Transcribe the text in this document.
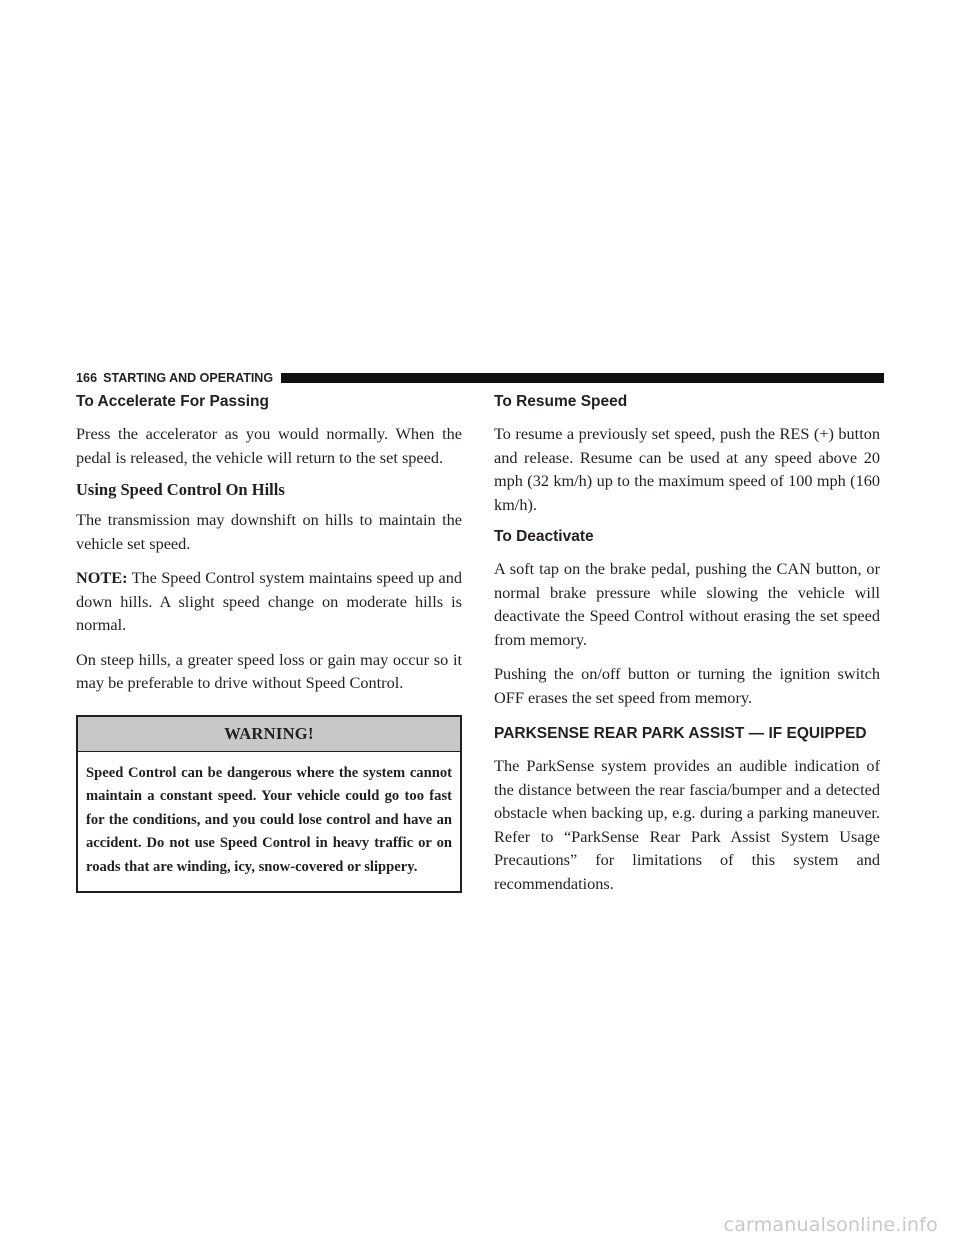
166 STARTING AND OPERATING
To Accelerate For Passing

Press the accelerator as you would normally. When the pedal is released, the vehicle will return to the set speed.

Using Speed Control On Hills

The transmission may downshift on hills to maintain the vehicle set speed.

NOTE: The Speed Control system maintains speed up and down hills. A slight speed change on moderate hills is normal.

On steep hills, a greater speed loss or gain may occur so it may be preferable to drive without Speed Control.

WARNING!
Speed Control can be dangerous where the system cannot maintain a constant speed. Your vehicle could go too fast for the conditions, and you could lose control and have an accident. Do not use Speed Control in heavy traffic or on roads that are winding, icy, snow-covered or slippery.
To Resume Speed

To resume a previously set speed, push the RES (+) button and release. Resume can be used at any speed above 20 mph (32 km/h) up to the maximum speed of 100 mph (160 km/h).

To Deactivate

A soft tap on the brake pedal, pushing the CAN button, or normal brake pressure while slowing the vehicle will deactivate the Speed Control without erasing the set speed from memory.

Pushing the on/off button or turning the ignition switch OFF erases the set speed from memory.

PARKSENSE REAR PARK ASSIST — IF EQUIPPED

The ParkSense system provides an audible indication of the distance between the rear fascia/bumper and a detected obstacle when backing up, e.g. during a parking maneuver. Refer to “ParkSense Rear Park Assist System Usage Precautions” for limitations of this system and recommendations.

carmanualsonline.info
